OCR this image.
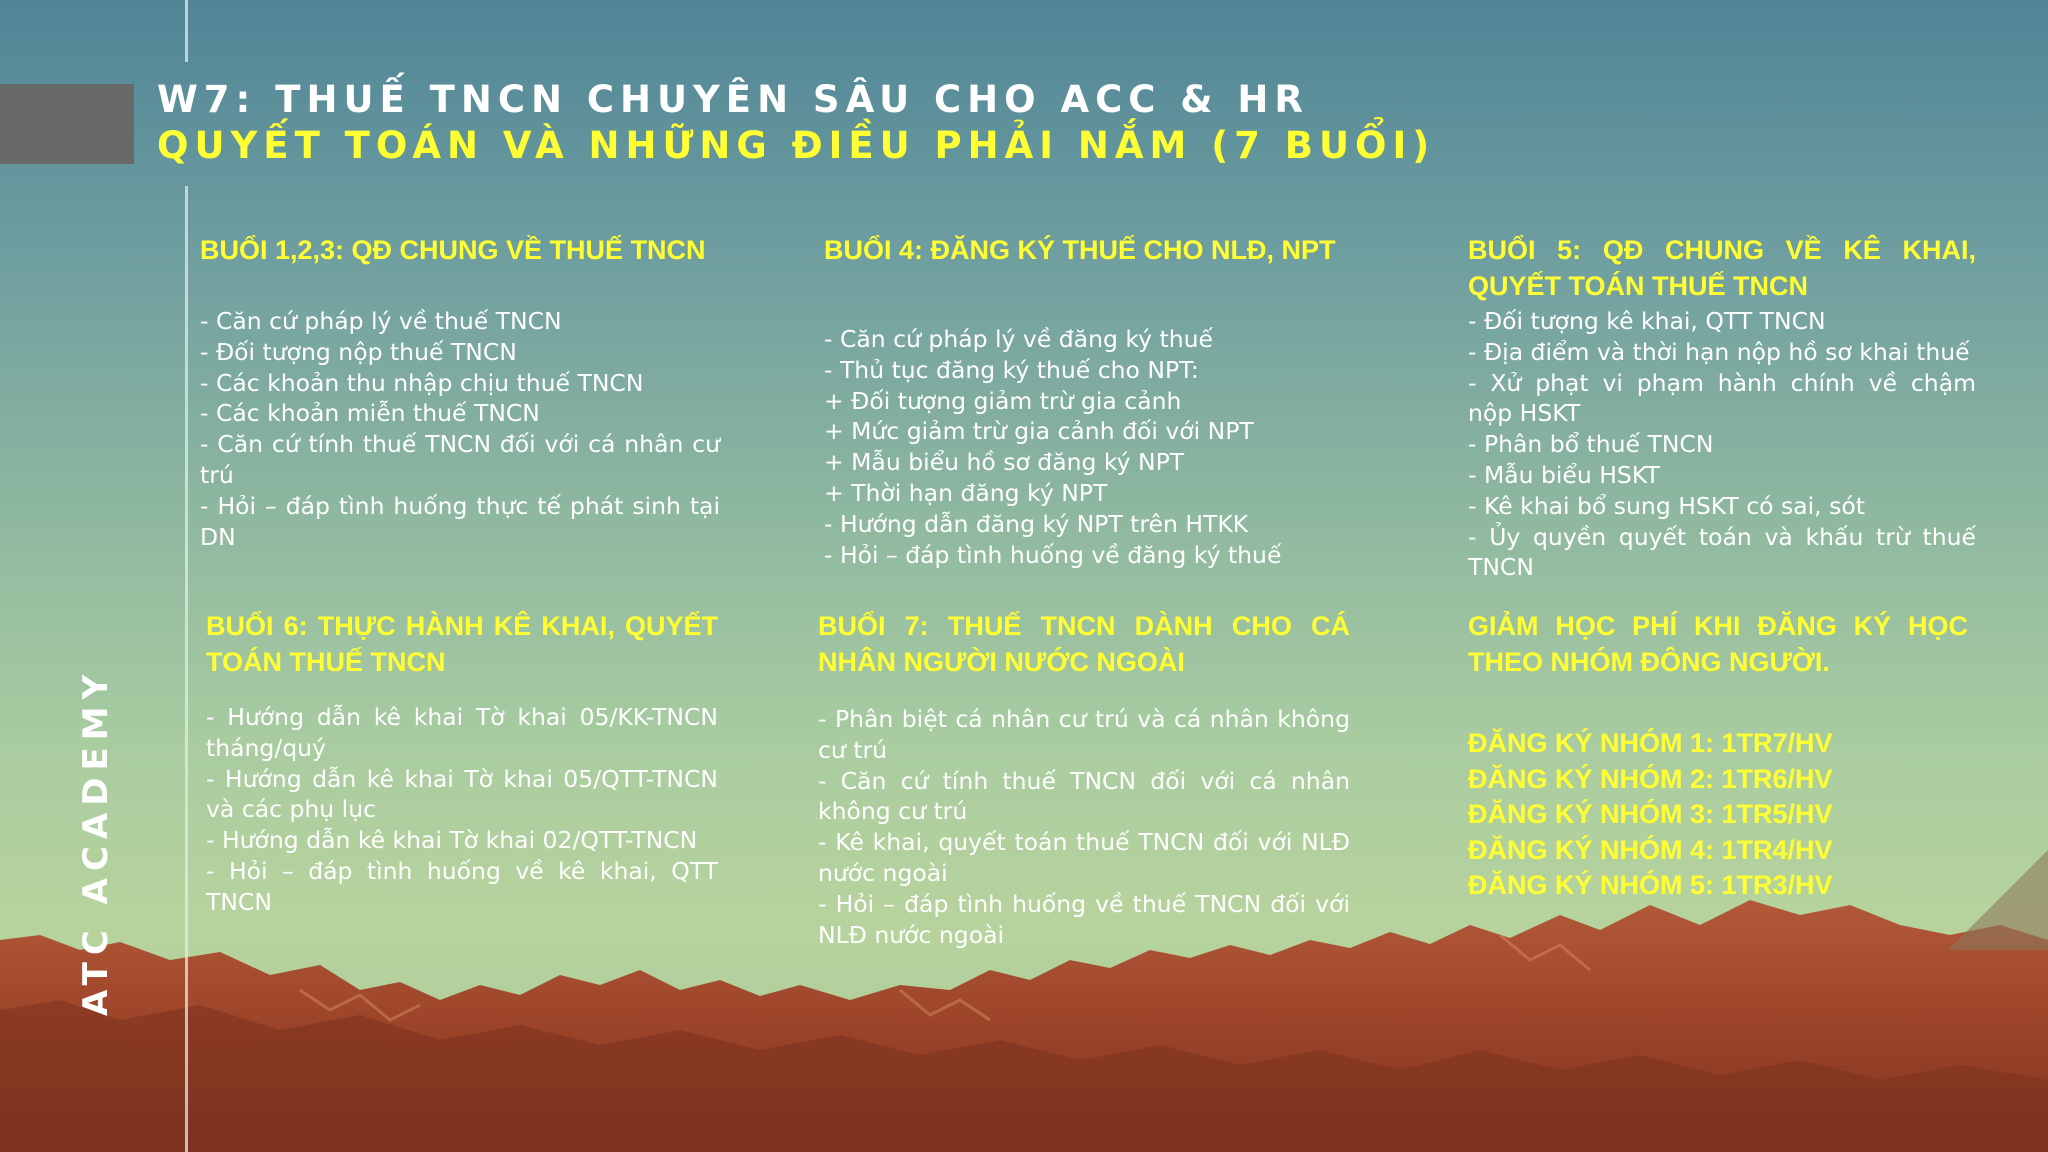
W7: THUẾ TNCN CHUYÊN SÂU CHO ACC & HR
QUYẾT TOÁN VÀ NHỮNG ĐIỀU PHẢI NẮM (7 BUỔI)
ATC ACADEMY
BUỔI 1,2,3: QĐ CHUNG VỀ THUẾ TNCN
- Căn cứ pháp lý về thuế TNCN
- Đối tượng nộp thuế TNCN
- Các khoản thu nhập chịu thuế TNCN
- Các khoản miễn thuế TNCN
- Căn cứ tính thuế TNCN đối với cá nhân cư trú
- Hỏi – đáp tình huống thực tế phát sinh tại DN
BUỔI 4: ĐĂNG KÝ THUẾ CHO NLĐ, NPT
- Căn cứ pháp lý về đăng ký thuế
- Thủ tục đăng ký thuế cho NPT:
+ Đối tượng giảm trừ gia cảnh
+ Mức giảm trừ gia cảnh đối với NPT
+ Mẫu biểu hồ sơ đăng ký NPT
+ Thời hạn đăng ký NPT
- Hướng dẫn đăng ký NPT trên HTKK
- Hỏi – đáp tình huống về đăng ký thuế
BUỔI 5: QĐ CHUNG VỀ KÊ KHAI, QUYẾT TOÁN THUẾ TNCN
- Đối tượng kê khai, QTT TNCN
- Địa điểm và thời hạn nộp hồ sơ khai thuế
- Xử phạt vi phạm hành chính về chậm nộp HSKT
- Phân bổ thuế TNCN
- Mẫu biểu HSKT
- Kê khai bổ sung HSKT có sai, sót
- Ủy quyền quyết toán và khấu trừ thuế TNCN
BUỔI 6: THỰC HÀNH KÊ KHAI, QUYẾT TOÁN THUẾ TNCN
- Hướng dẫn kê khai Tờ khai 05/KK-TNCN tháng/quý
- Hướng dẫn kê khai Tờ khai 05/QTT-TNCN và các phụ lục
- Hướng dẫn kê khai Tờ khai 02/QTT-TNCN
- Hỏi – đáp tình huống về kê khai, QTT TNCN
BUỔI 7: THUẾ TNCN DÀNH CHO CÁ NHÂN NGƯỜI NƯỚC NGOÀI
- Phân biệt cá nhân cư trú và cá nhân không cư trú
- Căn cứ tính thuế TNCN đối với cá nhân không cư trú
- Kê khai, quyết toán thuế TNCN đối với NLĐ nước ngoài
- Hỏi – đáp tình huống về thuế TNCN đối với NLĐ nước ngoài
GIẢM HỌC PHÍ KHI ĐĂNG KÝ HỌC THEO NHÓM ĐÔNG NGƯỜI.
ĐĂNG KÝ NHÓM 1: 1TR7/HV
ĐĂNG KÝ NHÓM 2: 1TR6/HV
ĐĂNG KÝ NHÓM 3: 1TR5/HV
ĐĂNG KÝ NHÓM 4: 1TR4/HV
ĐĂNG KÝ NHÓM 5: 1TR3/HV
